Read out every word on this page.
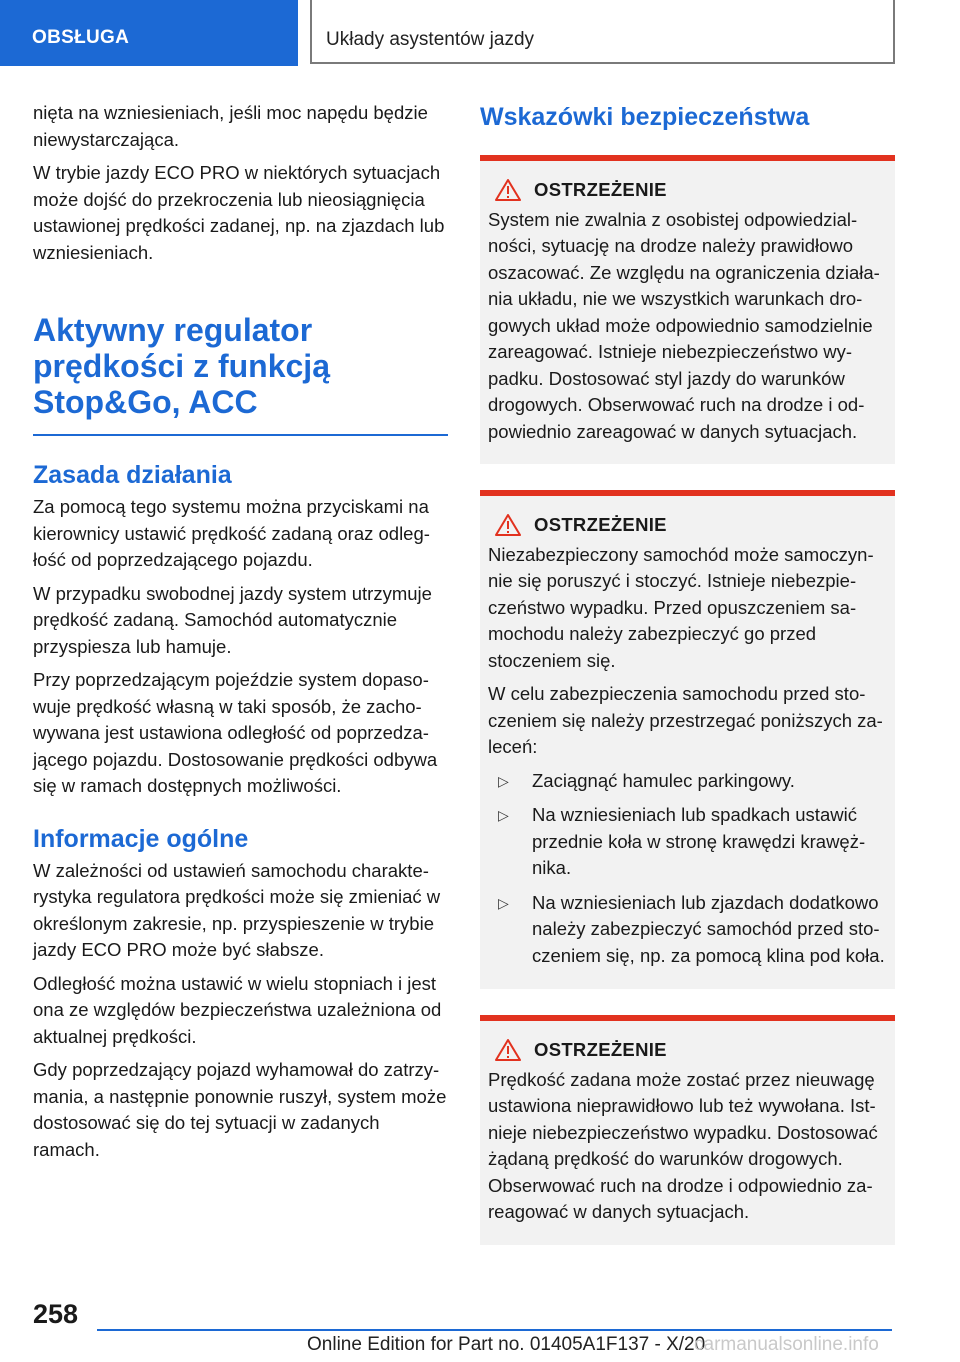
OBSŁUGA	Układy asystentów jazdy

nięta na wzniesieniach, jeśli moc napędu będzie niewystarczająca.

W trybie jazdy ECO PRO w niektórych sytuacjach może dojść do przekroczenia lub nieosiągnięcia ustawionej prędkości zadanej, np. na zjazdach lub wzniesieniach.

Aktywny regulator prędkości z funkcją Stop&Go, ACC
Zasada działania

Za pomocą tego systemu można przyciskami na kierownicy ustawić prędkość zadaną oraz odległość od poprzedzającego pojazdu.

W przypadku swobodnej jazdy system utrzymuje prędkość zadaną. Samochód automatycznie przyspiesza lub hamuje.

Przy poprzedzającym pojeździe system dopasowuje prędkość własną w taki sposób, że zachowywana jest ustawiona odległość od poprzedzającego pojazdu. Dostosowanie prędkości odbywa się w ramach dostępnych możliwości.

Informacje ogólne

W zależności od ustawień samochodu charakterystyka regulatora prędkości może się zmieniać w określonym zakresie, np. przyspieszenie w trybie jazdy ECO PRO może być słabsze.

Odległość można ustawić w wielu stopniach i jest ona ze względów bezpieczeństwa uzależniona od aktualnej prędkości.

Gdy poprzedzający pojazd wyhamował do zatrzymania, a następnie ponownie ruszył, system może dostosować się do tej sytuacji w zadanych ramach.

Wskazówki bezpieczeństwa
OSTRZEŻENIE

System nie zwalnia z osobistej odpowiedzialności, sytuację na drodze należy prawidłowo oszacować. Ze względu na ograniczenia działania układu, nie we wszystkich warunkach drogowych układ może odpowiednio samodzielnie zareagować. Istnieje niebezpieczeństwo wypadku. Dostosować styl jazdy do warunków drogowych. Obserwować ruch na drodze i odpowiednio zareagować w danych sytuacjach.

OSTRZEŻENIE

Niezabezpieczony samochód może samoczynnie się poruszyć i stoczyć. Istnieje niebezpieczeństwo wypadku. Przed opuszczeniem samochodu należy zabezpieczyć go przed stoczeniem się.

W celu zabezpieczenia samochodu przed stoczeniem się należy przestrzegać poniższych zaleceń:

▷	Zaciągnąć hamulec parkingowy.
▷	Na wzniesieniach lub spadkach ustawić przednie koła w stronę krawędzi krawężnika.
▷	Na wzniesieniach lub zjazdach dodatkowo należy zabezpieczyć samochód przed stoczeniem się, np. za pomocą klina pod koła.
OSTRZEŻENIE

Prędkość zadana może zostać przez nieuwagę ustawiona nieprawidłowo lub też wywołana. Istnieje niebezpieczeństwo wypadku. Dostosować żądaną prędkość do warunków drogowych. Obserwować ruch na drodze i odpowiednio zareagować w danych sytuacjach.

258
Online Edition for Part no. 01405A1F137 - X/20
carmanualsonline.info
